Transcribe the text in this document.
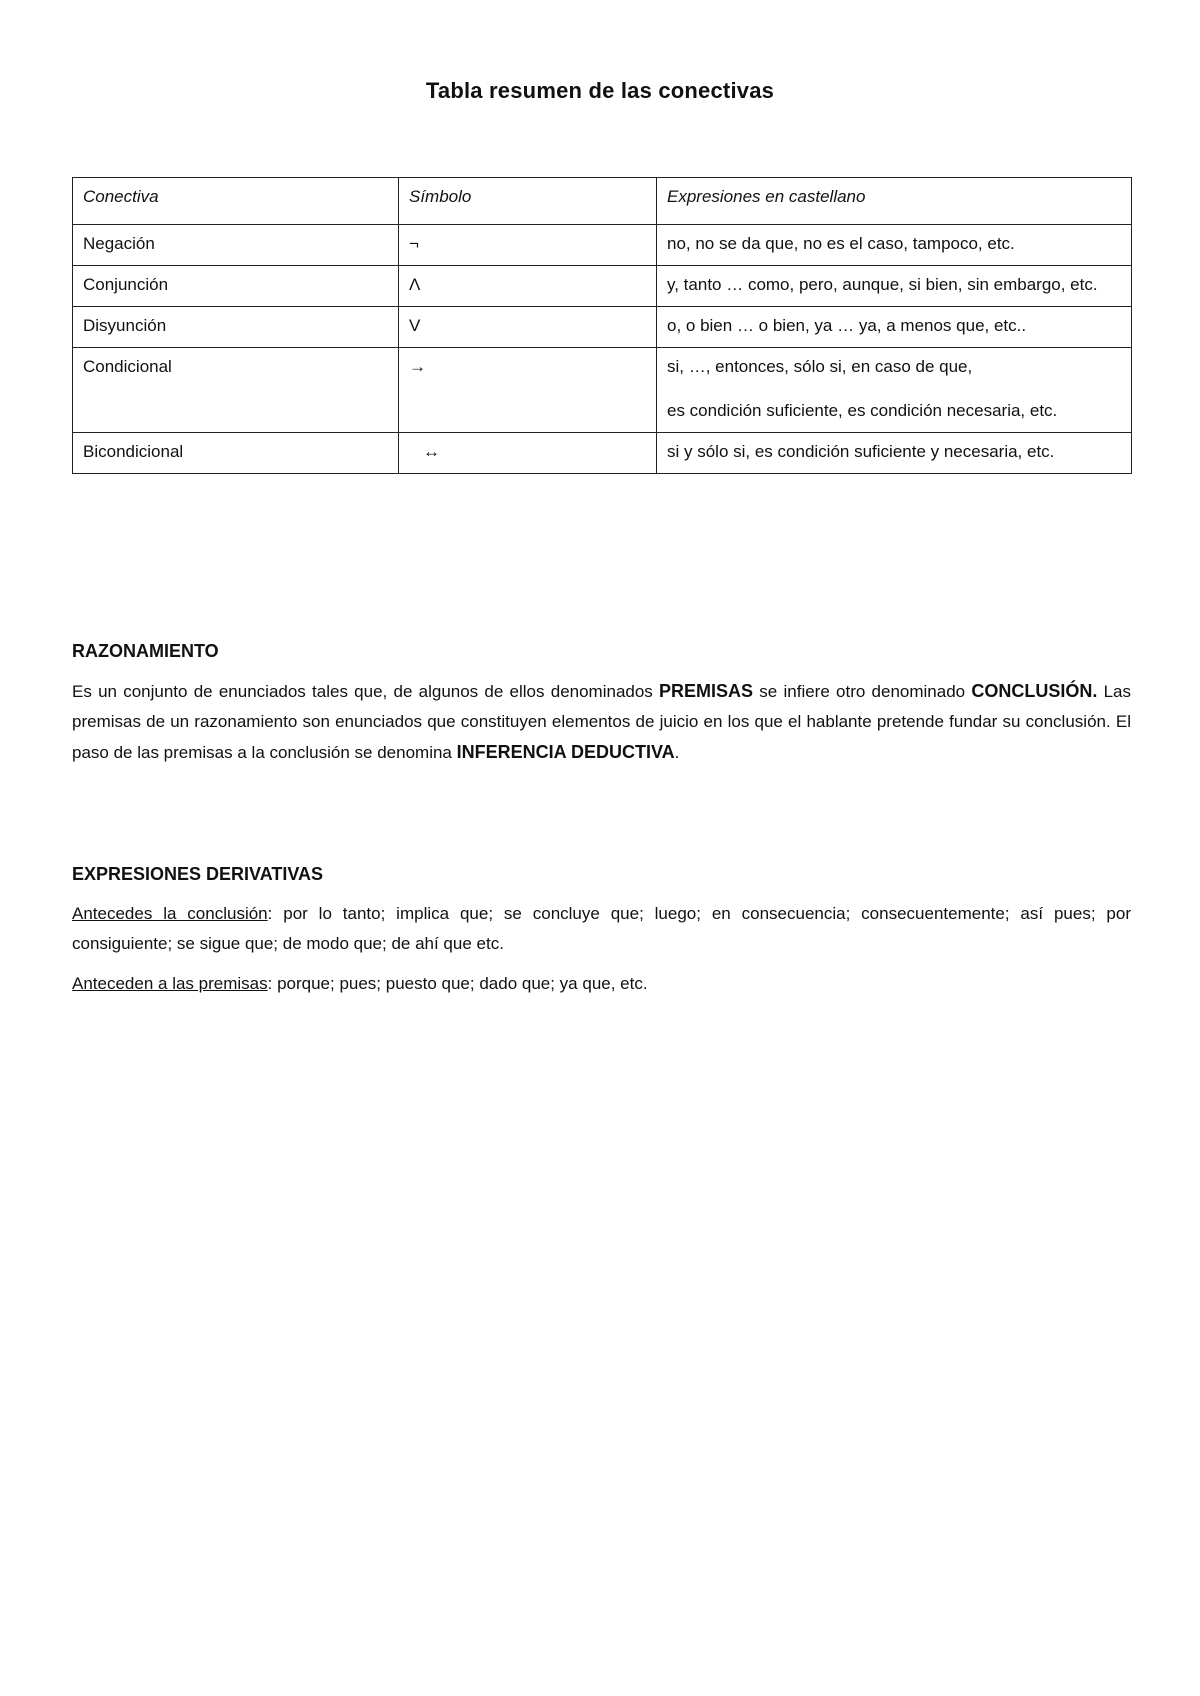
Tabla resumen de las conectivas
Conectiva	Símbolo	Expresiones en castellano
Negación	¬	no, no se da que, no es el caso, tampoco, etc.
Conjunción	Λ	y, tanto … como, pero, aunque, si bien, sin embargo, etc.
Disyunción	V	o, o bien … o bien, ya … ya, a menos que, etc..
Condicional	→	si, …, entonces, sólo si, en caso de que,
es condición suficiente, es condición necesaria, etc.

Bicondicional	↔	si y sólo si, es condición suficiente y necesaria, etc.

RAZONAMIENTO

Es un conjunto de enunciados tales que, de algunos de ellos denominados PREMISAS se infiere otro denominado CONCLUSIÓN. Las premisas de un razonamiento son enunciados que constituyen elementos de juicio en los que el hablante pretende fundar su conclusión. El paso de las premisas a la conclusión se denomina INFERENCIA DEDUCTIVA.

EXPRESIONES DERIVATIVAS

Antecedes la conclusión: por lo tanto; implica que; se concluye que; luego; en consecuencia; consecuentemente; así pues; por consiguiente; se sigue que; de modo que; de ahí que etc.

Anteceden a las premisas: porque; pues; puesto que; dado que; ya que, etc.
